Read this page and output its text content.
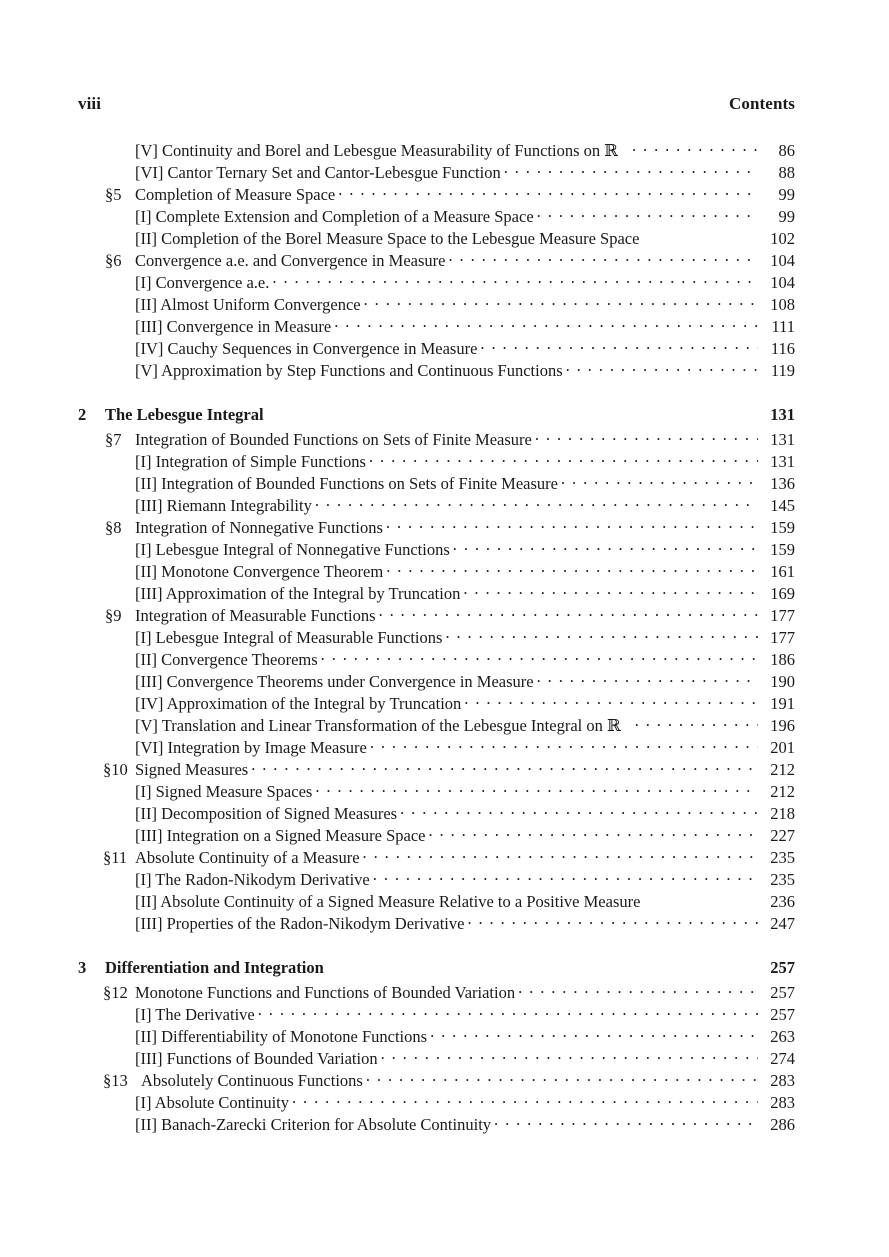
viii	Contents
[V] Continuity and Borel and Lebesgue Measurability of Functions on ℝ . . .	86
[VI] Cantor Ternary Set and Cantor-Lebesgue Function . . .	88
§5 Completion of Measure Space . . .	99
[I] Complete Extension and Completion of a Measure Space . . .	99
[II] Completion of the Borel Measure Space to the Lebesgue Measure Space	102
§6 Convergence a.e. and Convergence in Measure . . .	104
[I] Convergence a.e. . . .	104
[II] Almost Uniform Convergence . . .	108
[III] Convergence in Measure . . .	111
[IV] Cauchy Sequences in Convergence in Measure . . .	116
[V] Approximation by Step Functions and Continuous Functions . . .	119
2	The Lebesgue Integral	131
§7 Integration of Bounded Functions on Sets of Finite Measure . . .	131
[I] Integration of Simple Functions . . .	131
[II] Integration of Bounded Functions on Sets of Finite Measure . . .	136
[III] Riemann Integrability . . .	145
§8 Integration of Nonnegative Functions . . .	159
[I] Lebesgue Integral of Nonnegative Functions . . .	159
[II] Monotone Convergence Theorem . . .	161
[III] Approximation of the Integral by Truncation . . .	169
§9 Integration of Measurable Functions . . .	177
[I] Lebesgue Integral of Measurable Functions . . .	177
[II] Convergence Theorems . . .	186
[III] Convergence Theorems under Convergence in Measure . . .	190
[IV] Approximation of the Integral by Truncation . . .	191
[V] Translation and Linear Transformation of the Lebesgue Integral on ℝ . . .	196
[VI] Integration by Image Measure . . .	201
§10 Signed Measures . . .	212
[I] Signed Measure Spaces . . .	212
[II] Decomposition of Signed Measures . . .	218
[III] Integration on a Signed Measure Space . . .	227
§11 Absolute Continuity of a Measure . . .	235
[I] The Radon-Nikodym Derivative . . .	235
[II] Absolute Continuity of a Signed Measure Relative to a Positive Measure	236
[III] Properties of the Radon-Nikodym Derivative . . .	247
3	Differentiation and Integration	257
§12 Monotone Functions and Functions of Bounded Variation . . .	257
[I] The Derivative . . .	257
[II] Differentiability of Monotone Functions . . .	263
[III] Functions of Bounded Variation . . .	274
§13 Absolutely Continuous Functions . . .	283
[I] Absolute Continuity . . .	283
[II] Banach-Zarecki Criterion for Absolute Continuity . . .	286
